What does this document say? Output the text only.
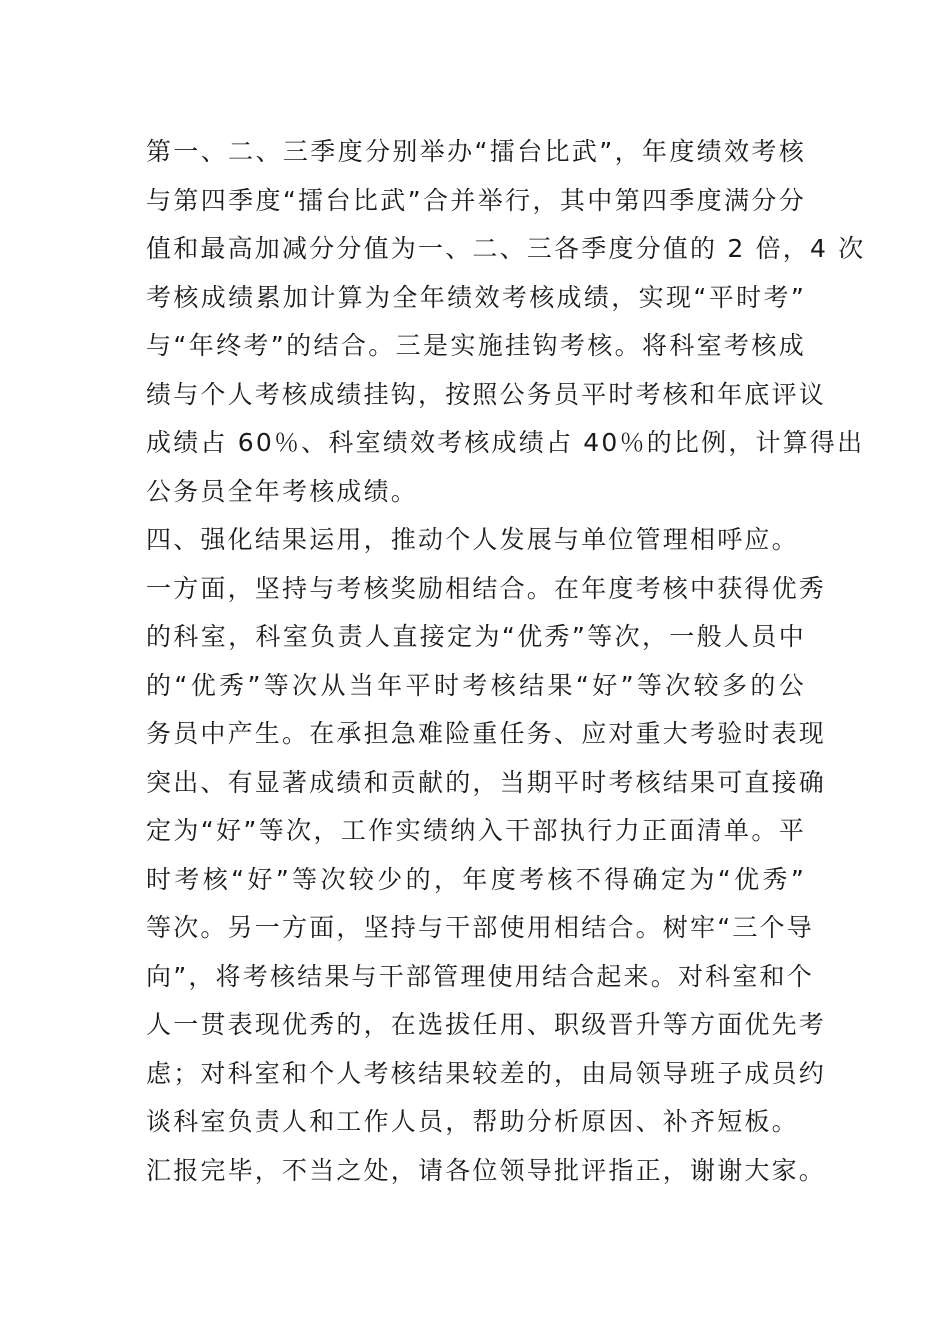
第一、二、三季度分别举办“擂台比武”，年度绩效考核
与第四季度“擂台比武”合并举行，其中第四季度满分分
值和最高加减分分值为一、二、三各季度分值的 2 倍，4 次
考核成绩累加计算为全年绩效考核成绩，实现“平时考”
与“年终考”的结合。三是实施挂钩考核。将科室考核成
绩与个人考核成绩挂钩，按照公务员平时考核和年底评议
成绩占 60％、科室绩效考核成绩占 40％的比例，计算得出
公务员全年考核成绩。
四、强化结果运用，推动个人发展与单位管理相呼应。
一方面，坚持与考核奖励相结合。在年度考核中获得优秀
的科室，科室负责人直接定为“优秀”等次，一般人员中
的“优秀”等次从当年平时考核结果“好”等次较多的公
务员中产生。在承担急难险重任务、应对重大考验时表现
突出、有显著成绩和贡献的，当期平时考核结果可直接确
定为“好”等次，工作实绩纳入干部执行力正面清单。平
时考核“好”等次较少的，年度考核不得确定为“优秀”
等次。另一方面，坚持与干部使用相结合。树牢“三个导
向”，将考核结果与干部管理使用结合起来。对科室和个
人一贯表现优秀的，在选拔任用、职级晋升等方面优先考
虑；对科室和个人考核结果较差的，由局领导班子成员约
谈科室负责人和工作人员，帮助分析原因、补齐短板。
汇报完毕，不当之处，请各位领导批评指正，谢谢大家。
